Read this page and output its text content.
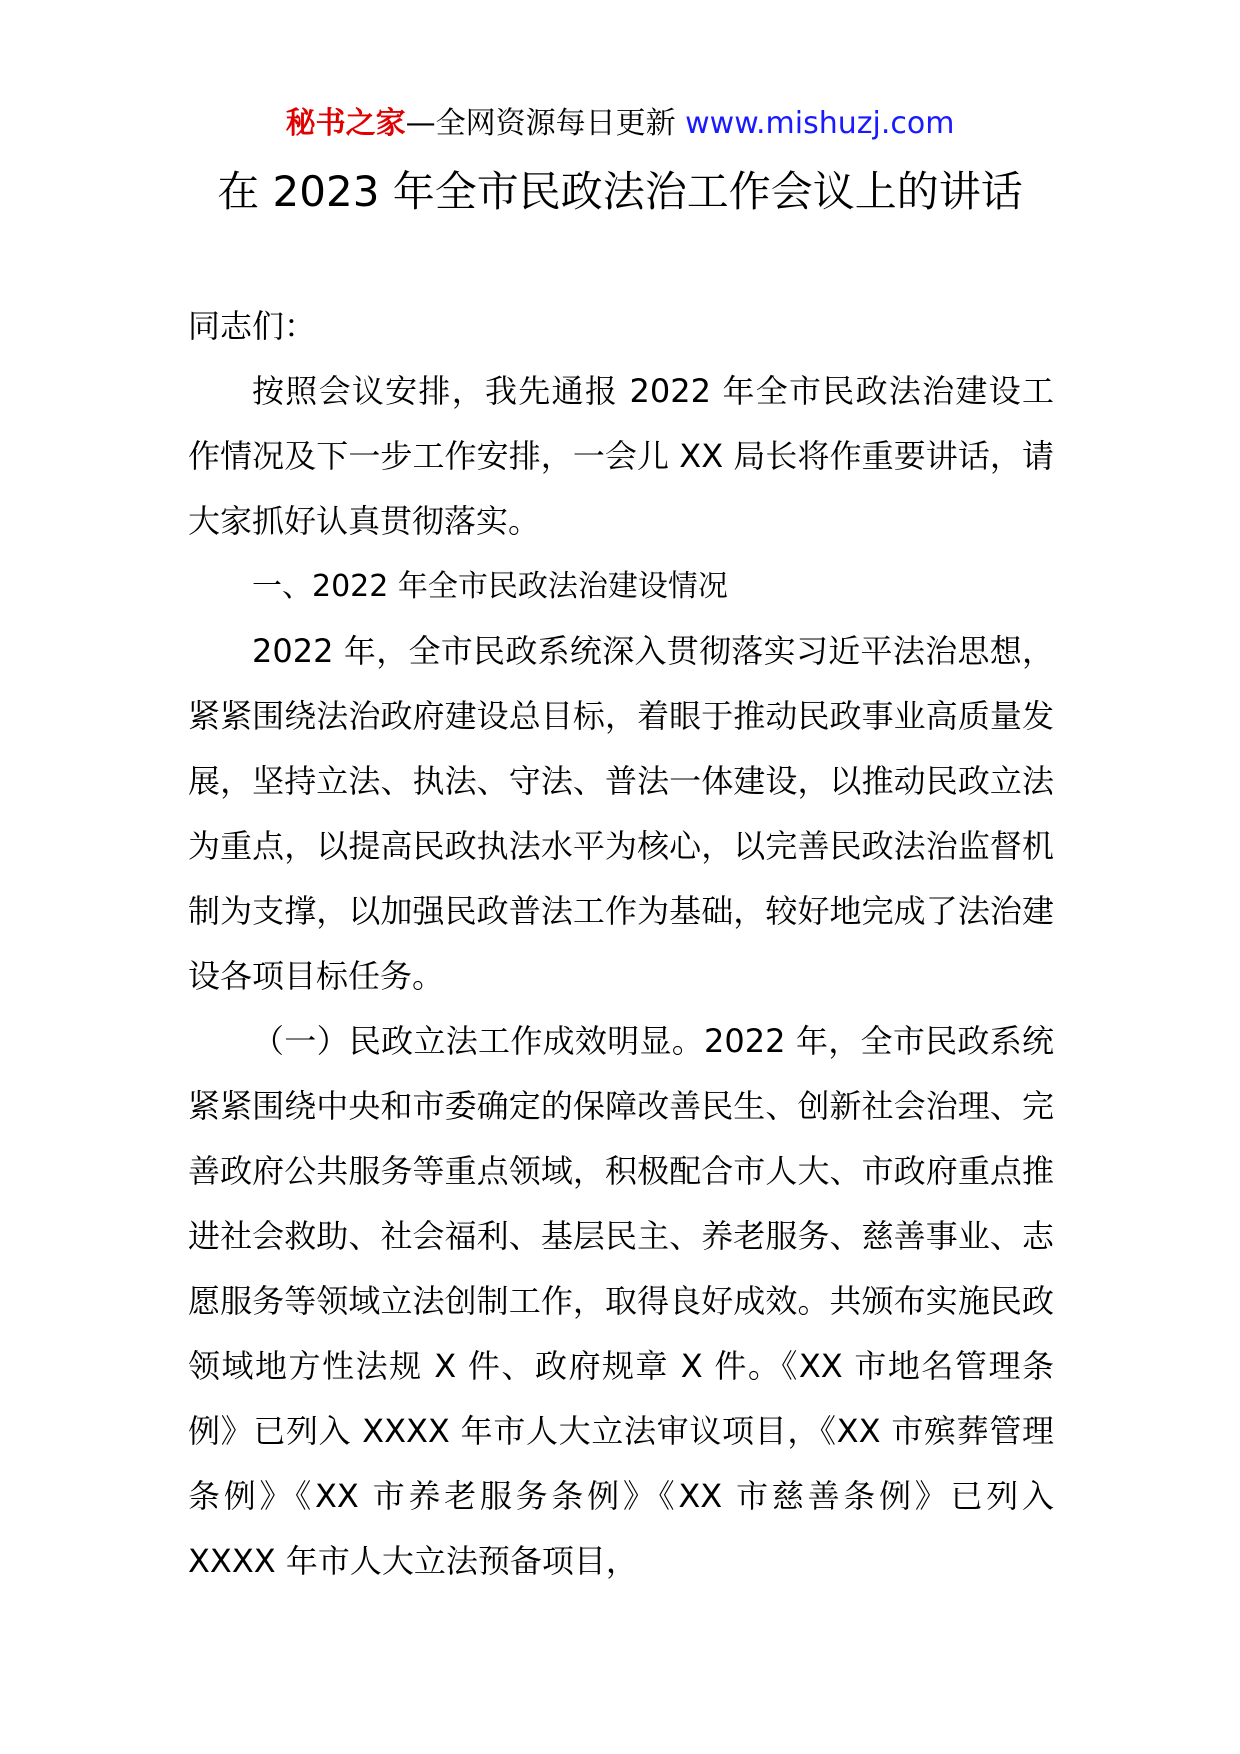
秘书之家—全网资源每日更新 www.mishuzj.com
在 2023 年全市民政法治工作会议上的讲话

同志们：

按照会议安排，我先通报 2022 年全市民政法治建设工作情况及下一步工作安排，一会儿 XX 局长将作重要讲话，请大家抓好认真贯彻落实。

一、2022 年全市民政法治建设情况

2022 年，全市民政系统深入贯彻落实习近平法治思想，紧紧围绕法治政府建设总目标，着眼于推动民政事业高质量发展，坚持立法、执法、守法、普法一体建设，以推动民政立法为重点，以提高民政执法水平为核心，以完善民政法治监督机制为支撑，以加强民政普法工作为基础，较好地完成了法治建设各项目标任务。

（一）民政立法工作成效明显。2022 年，全市民政系统紧紧围绕中央和市委确定的保障改善民生、创新社会治理、完善政府公共服务等重点领域，积极配合市人大、市政府重点推进社会救助、社会福利、基层民主、养老服务、慈善事业、志愿服务等领域立法创制工作，取得良好成效。共颁布实施民政领域地方性法规 X 件、政府规章 X 件。《XX 市地名管理条例》已列入 XXXX 年市人大立法审议项目，《XX 市殡葬管理条例》《XX 市养老服务条例》《XX 市慈善条例》已列入 XXXX 年市人大立法预备项目，
